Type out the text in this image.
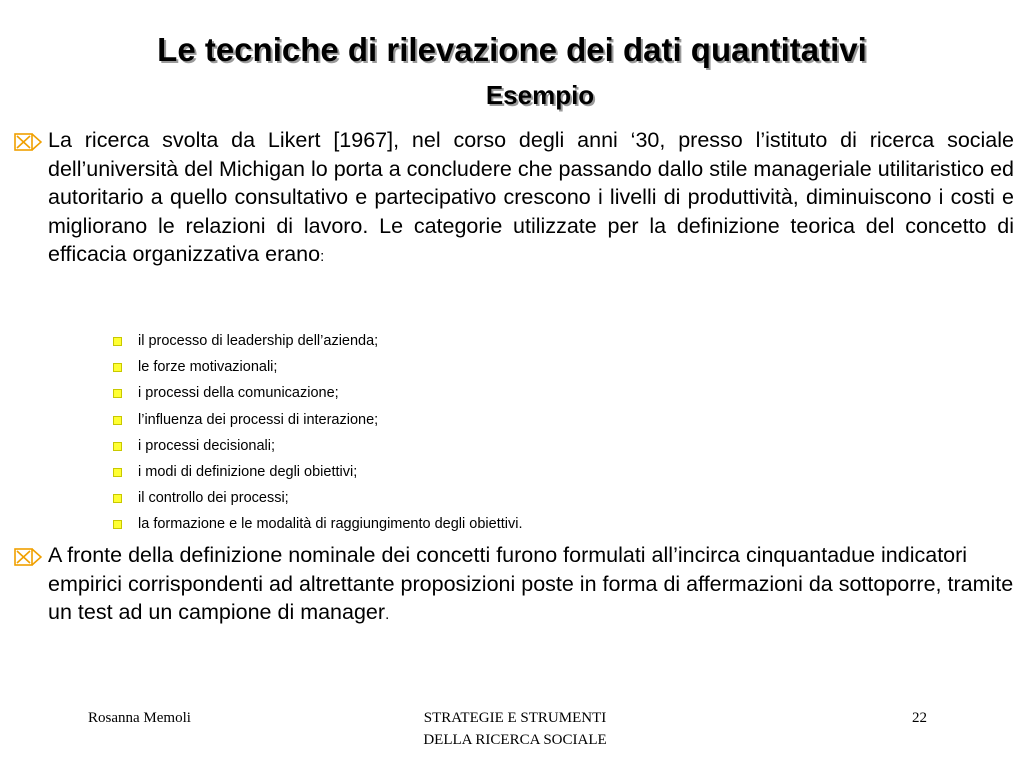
Le tecniche di rilevazione dei dati quantitativi
Esempio
La ricerca svolta da Likert [1967], nel corso degli anni ‘30, presso l’istituto di ricerca sociale dell’università del Michigan lo porta a concludere che passando dallo stile manageriale utilitaristico ed autoritario a quello consultativo e partecipativo crescono i livelli di produttività, diminuiscono i costi e migliorano le relazioni di lavoro. Le categorie utilizzate per la definizione teorica del concetto di efficacia organizzativa erano:
il processo di leadership dell’azienda;
le forze motivazionali;
i processi della comunicazione;
l’influenza dei processi di interazione;
i processi decisionali;
i modi di definizione degli obiettivi;
il controllo dei processi;
la formazione e le modalità di raggiungimento degli obiettivi.
A fronte della definizione nominale dei concetti furono formulati all’incirca cinquantadue indicatori empirici corrispondenti ad altrettante proposizioni poste in forma di affermazioni da sottoporre, tramite un test ad un campione di manager.
Rosanna Memoli	STRATEGIE E STRUMENTI
DELLA RICERCA SOCIALE
22
